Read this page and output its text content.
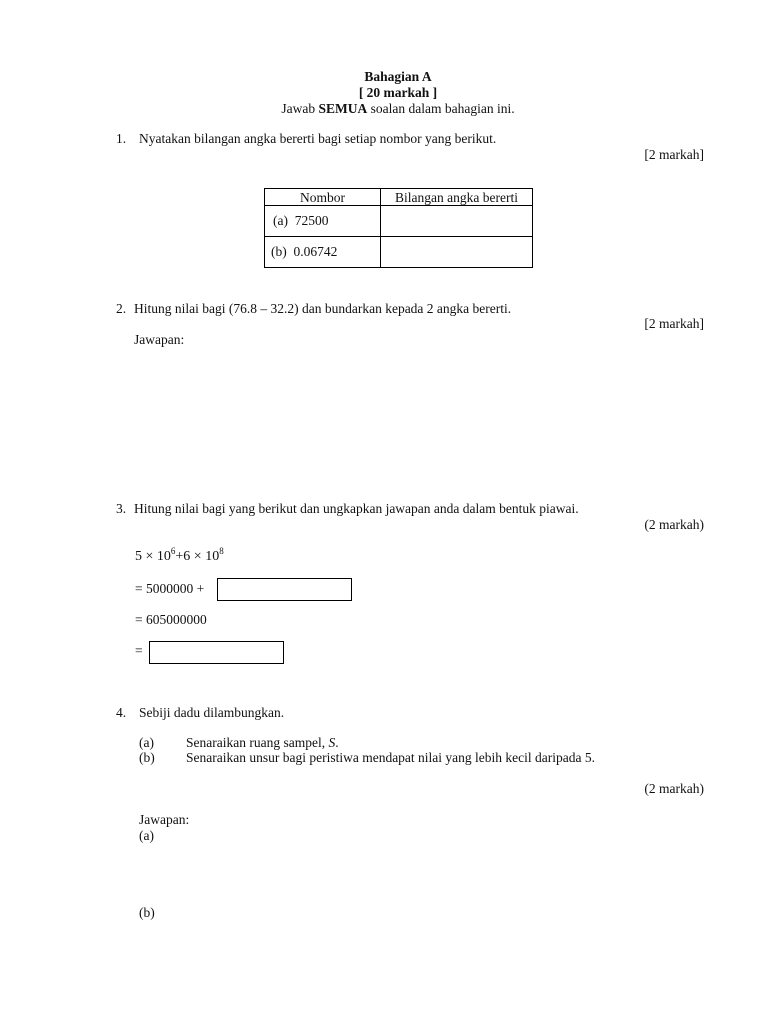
Bahagian A
[ 20 markah ]
Jawab SEMUA soalan dalam bahagian ini.
1. Nyatakan bilangan angka bererti bagi setiap nombor yang berikut.
[2 markah]
Nombor	Bilangan angka bererti
(a) 72500	
(b) 0.06742	
2. Hitung nilai bagi (76.8 – 32.2) dan bundarkan kepada 2 angka bererti.
[2 markah]
Jawapan:
3. Hitung nilai bagi yang berikut dan ungkapkan jawapan anda dalam bentuk piawai.
(2 markah)
$5 \times 10^6+6 \times 10^8$
= 5000000 +
= 605000000
=
4. Sebiji dadu dilambungkan.
(a) Senaraikan ruang sampel, S.
(b) Senaraikan unsur bagi peristiwa mendapat nilai yang lebih kecil daripada 5.
(2 markah)
Jawapan:
(a)
(b)
